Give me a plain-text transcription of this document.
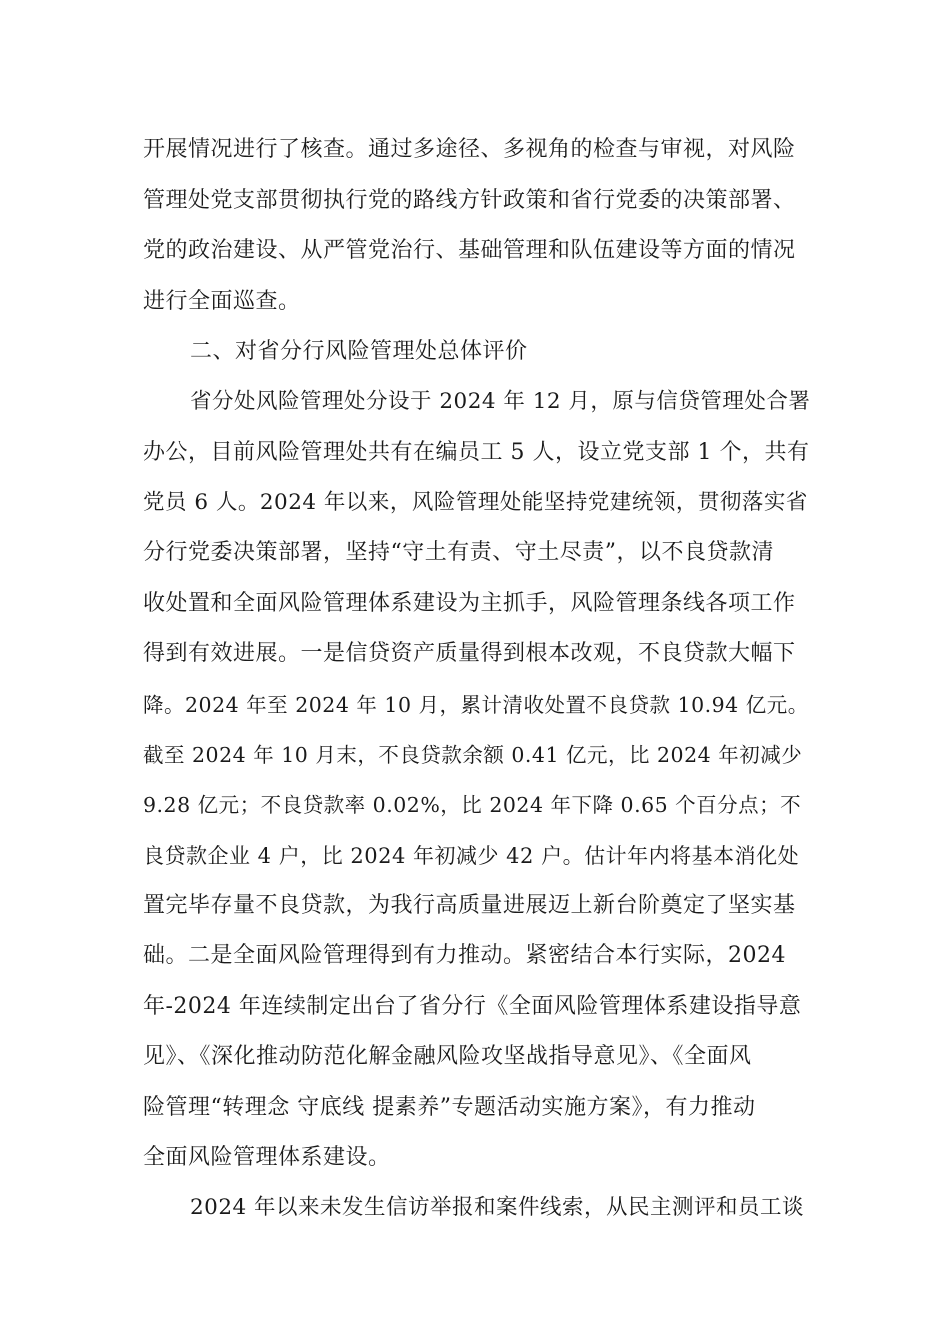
开展情况进行了核查。通过多途径、多视角的检查与审视，对风险
管理处党支部贯彻执行党的路线方针政策和省行党委的决策部署、
党的政治建设、从严管党治行、基础管理和队伍建设等方面的情况
进行全面巡查。
二、对省分行风险管理处总体评价
省分处风险管理处分设于 2024 年 12 月，原与信贷管理处合署
办公，目前风险管理处共有在编员工 5 人，设立党支部 1 个，共有
党员 6 人。2024 年以来，风险管理处能坚持党建统领，贯彻落实省
分行党委决策部署，坚持“守土有责、守土尽责”，以不良贷款清
收处置和全面风险管理体系建设为主抓手，风险管理条线各项工作
得到有效进展。一是信贷资产质量得到根本改观，不良贷款大幅下
降。2024 年至 2024 年 10 月，累计清收处置不良贷款 10.94 亿元。
截至 2024 年 10 月末，不良贷款余额 0.41 亿元，比 2024 年初减少
9.28 亿元；不良贷款率 0.02%，比 2024 年下降 0.65 个百分点；不
良贷款企业 4 户，比 2024 年初减少 42 户。估计年内将基本消化处
置完毕存量不良贷款，为我行高质量进展迈上新台阶奠定了坚实基
础。二是全面风险管理得到有力推动。紧密结合本行实际，2024
年-2024 年连续制定出台了省分行《全面风险管理体系建设指导意
见》、《深化推动防范化解金融风险攻坚战指导意见》、《全面风
险管理“转理念 守底线 提素养”专题活动实施方案》，有力推动
全面风险管理体系建设。
2024 年以来未发生信访举报和案件线索，从民主测评和员工谈
